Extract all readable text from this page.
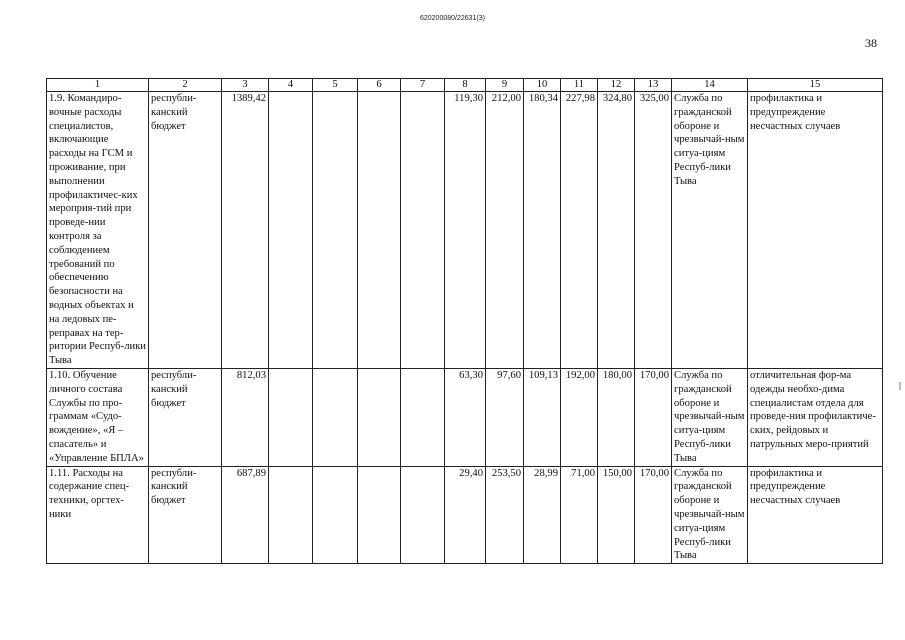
620200080/22631(3)
38
1	2	3	4	5	6	7	8	9	10	11	12	13	14	15
1.9. Командиро-вочные расходы специалистов, включающие расходы на ГСМ и проживание, при выполнении профилактичес-ких мероприя-тий при проведе-нии контроля за соблюдением требований по обеспечению безопасности на водных объектах и на ледовых пе-реправах на тер-ритории Респуб-лики Тыва	республи-канский бюджет	1389,42					119,30	212,00	180,34	227,98	324,80	325,00	Служба по гражданской обороне и чрезвычай-ным ситуа-циям Респуб-лики Тыва	профилактика и предупреждение несчастных случаев
1.10. Обучение личного состава Службы по про-граммам «Судо-вождение», «Я – спасатель» и «Управление БПЛА»	республи-канский бюджет	812,03					63,30	97,60	109,13	192,00	180,00	170,00	Служба по гражданской обороне и чрезвычай-ным ситуа-циям Респуб-лики Тыва	отличительная фор-ма одежды необхо-дима специалистам отдела для проведе-ния профилактиче-ских, рейдовых и патрульных меро-приятий
1.11. Расходы на содержание спец-техники, оргтех-ники	республи-канский бюджет	687,89					29,40	253,50	28,99	71,00	150,00	170,00	Служба по гражданской обороне и чрезвычай-ным ситуа-циям Респуб-лики Тыва	профилактика и предупреждение несчастных случаев
